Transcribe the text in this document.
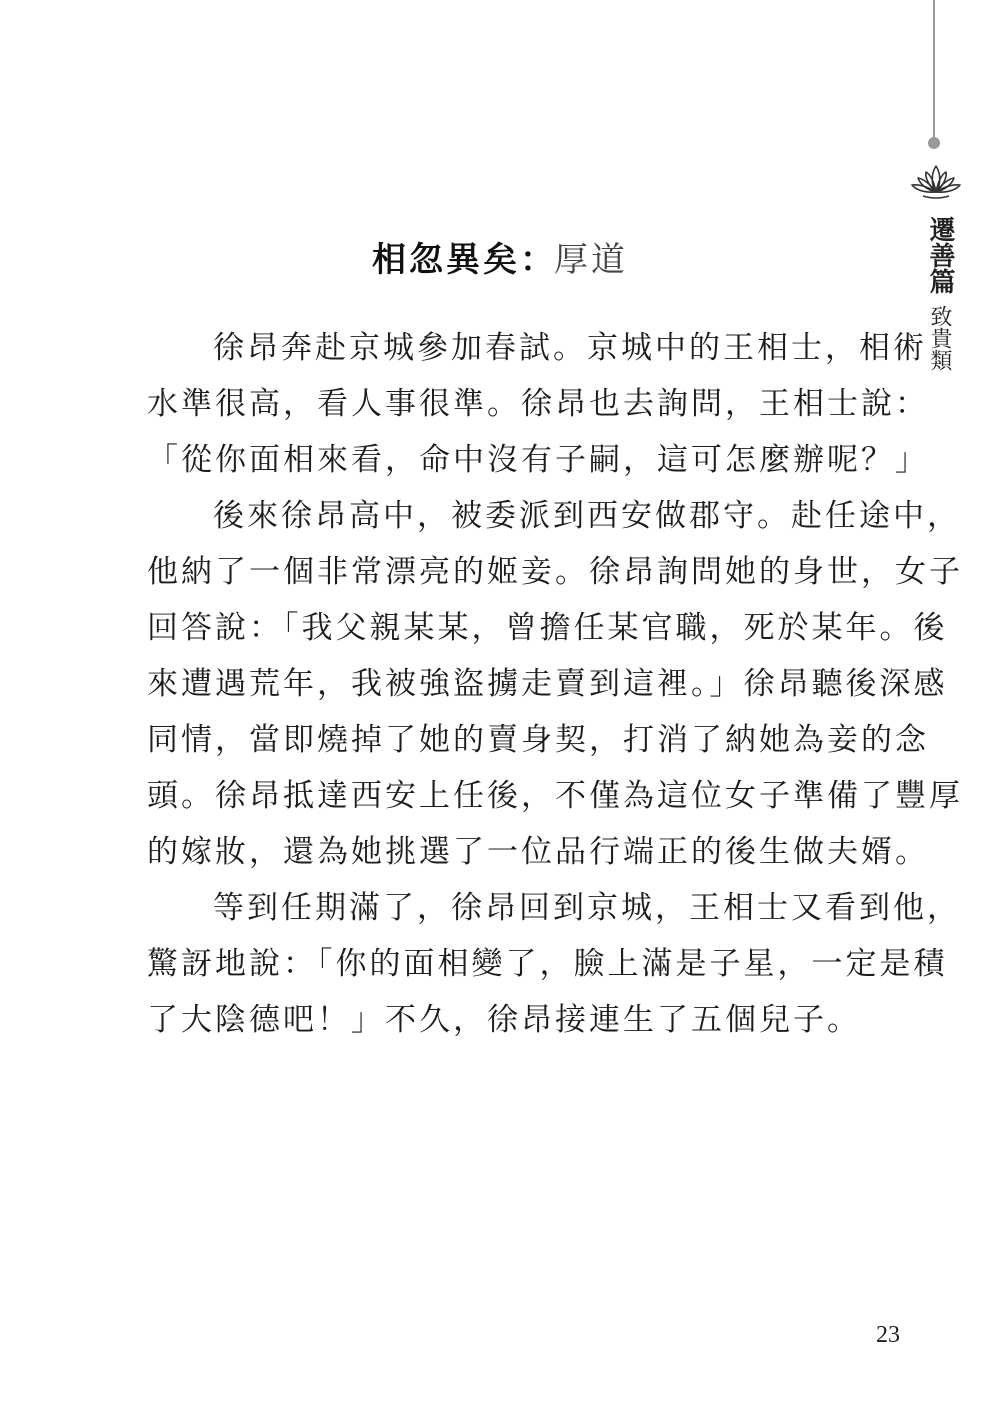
遷善篇
致貴類
相忽異矣：厚道
徐昂奔赴京城參加春試。京城中的王相士，相術
水準很高，看人事很準。徐昂也去詢問，王相士說：
「從你面相來看，命中沒有子嗣，這可怎麼辦呢？」
後來徐昂高中，被委派到西安做郡守。赴任途中，
他納了一個非常漂亮的姬妾。徐昂詢問她的身世，女子
回答說：「我父親某某，曾擔任某官職，死於某年。後
來遭遇荒年，我被強盜擄走賣到這裡。」徐昂聽後深感
同情，當即燒掉了她的賣身契，打消了納她為妾的念
頭。徐昂抵達西安上任後，不僅為這位女子準備了豐厚
的嫁妝，還為她挑選了一位品行端正的後生做夫婿。
等到任期滿了，徐昂回到京城，王相士又看到他，
驚訝地說：「你的面相變了，臉上滿是子星，一定是積
了大陰德吧！」不久，徐昂接連生了五個兒子。
23
